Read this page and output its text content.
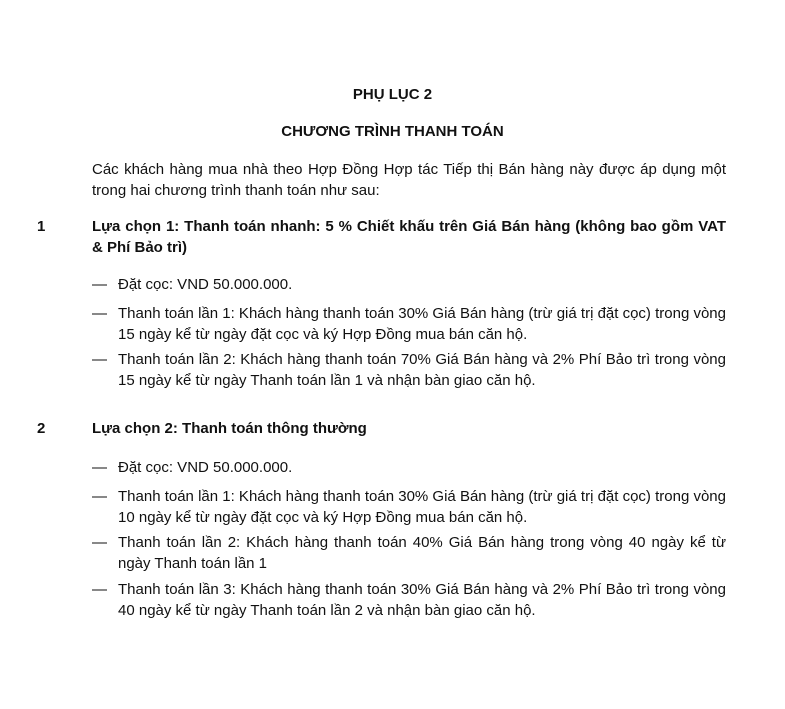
PHỤ LỤC 2
CHƯƠNG TRÌNH THANH TOÁN
Các khách hàng mua nhà theo Hợp Đồng Hợp tác Tiếp thị Bán hàng này được áp dụng một trong hai chương trình thanh toán như sau:
1	Lựa chọn 1: Thanh toán nhanh: 5 % Chiết khấu trên Giá Bán hàng (không bao gồm VAT & Phí Bảo trì)
— Đặt cọc: VND 50.000.000.
— Thanh toán lần 1: Khách hàng thanh toán 30% Giá Bán hàng (trừ giá trị đặt cọc) trong vòng 15 ngày kể từ ngày đặt cọc và ký Hợp Đồng mua bán căn hộ.
— Thanh toán lần 2: Khách hàng thanh toán 70% Giá Bán hàng và 2% Phí Bảo trì trong vòng 15 ngày kể từ ngày Thanh toán lần 1 và nhận bàn giao căn hộ.
2	Lựa chọn 2: Thanh toán thông thường
— Đặt cọc: VND 50.000.000.
— Thanh toán lần 1: Khách hàng thanh toán 30% Giá Bán hàng (trừ giá trị đặt cọc) trong vòng 10 ngày kể từ ngày đặt cọc và ký Hợp Đồng mua bán căn hộ.
— Thanh toán lần 2: Khách hàng thanh toán 40% Giá Bán hàng trong vòng 40 ngày kể từ ngày Thanh toán lần 1
— Thanh toán lần 3: Khách hàng thanh toán 30% Giá Bán hàng và 2% Phí Bảo trì trong vòng 40 ngày kể từ ngày Thanh toán lần 2 và nhận bàn giao căn hộ.
